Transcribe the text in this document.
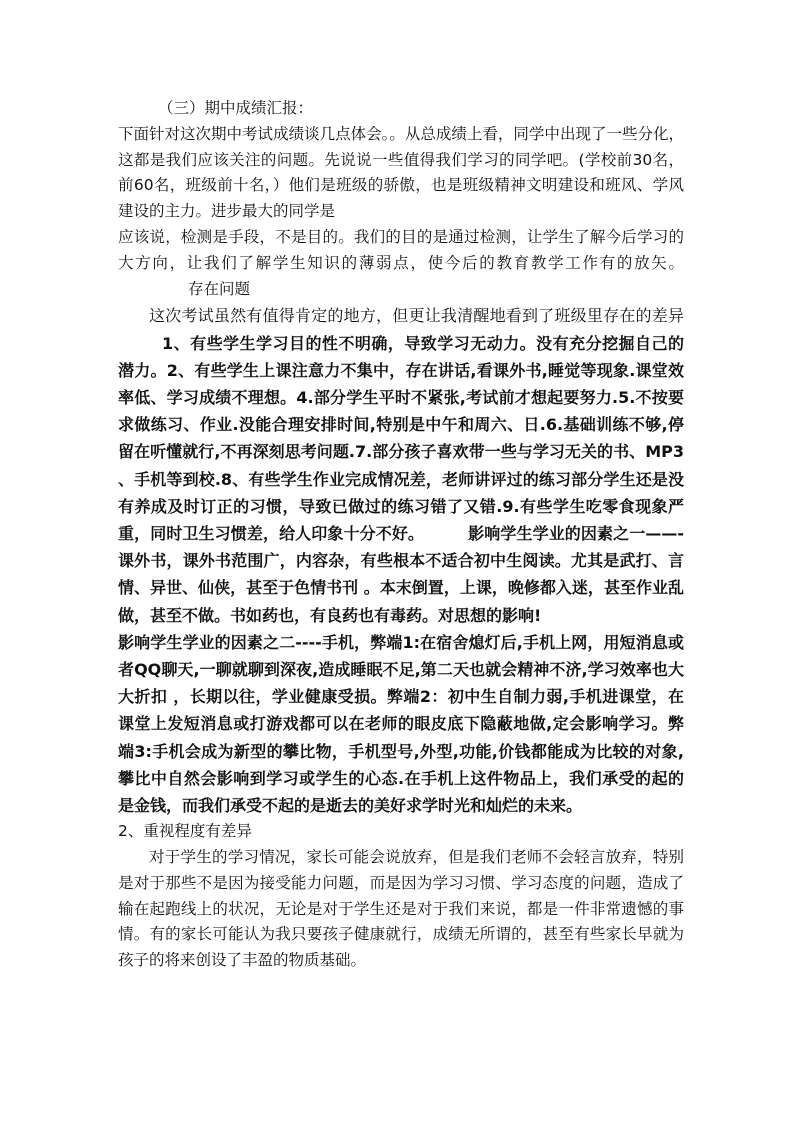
（三）期中成绩汇报：

下面针对这次期中考试成绩谈几点体会。。从总成绩上看，同学中出现了一些分化，这都是我们应该关注的问题。先说说一些值得我们学习的同学吧。(学校前30名，前60名，班级前十名，）他们是班级的骄傲，也是班级精神文明建设和班风、学风建设的主力。进步最大的同学是

应该说，检测是手段，不是目的。我们的目的是通过检测，让学生了解今后学习的大方向，让我们了解学生知识的薄弱点，使今后的教育教学工作有的放矢。存在问题

这次考试虽然有值得肯定的地方，但更让我清醒地看到了班级里存在的差异1、有些学生学习目的性不明确，导致学习无动力。没有充分挖掘自己的潜力。2、有些学生上课注意力不集中，存在讲话,看课外书,睡觉等现象.课堂效率低、学习成绩不理想。4.部分学生平时不紧张,考试前才想起要努力.5.不按要求做练习、作业.没能合理安排时间,特别是中午和周六、日.6.基础训练不够,停留在听懂就行,不再深刻思考问题.7.部分孩子喜欢带一些与学习无关的书、MP3 、手机等到校.8、有些学生作业完成情况差，老师讲评过的练习部分学生还是没有养成及时订正的习惯，导致已做过的练习错了又错.9.有些学生吃零食现象严重，同时卫生习惯差，给人印象十分不好。	影响学生学业的因素之一——-课外书，课外书范围广，内容杂，有些根本不适合初中生阅读。尤其是武打、言情、异世、仙侠，甚至于色情书刊 。本末倒置，上课，晚修都入迷，甚至作业乱做，甚至不做。书如药也，有良药也有毒药。对思想的影响!

影响学生学业的因素之二----手机，弊端1:在宿舍熄灯后,手机上网，用短消息或者QQ聊天,一聊就聊到深夜,造成睡眠不足,第二天也就会精神不济,学习效率也大大折扣 ，长期以往，学业健康受损。弊端2：初中生自制力弱,手机进课堂，在课堂上发短消息或打游戏都可以在老师的眼皮底下隐蔽地做,定会影响学习。弊端3:手机会成为新型的攀比物，手机型号,外型,功能,价钱都能成为比较的对象,攀比中自然会影响到学习或学生的心态.在手机上这件物品上，我们承受的起的是金钱，而我们承受不起的是逝去的美好求学时光和灿烂的未来。

2、重视程度有差异

对于学生的学习情况，家长可能会说放弃，但是我们老师不会轻言放弃，特别是对于那些不是因为接受能力问题，而是因为学习习惯、学习态度的问题，造成了输在起跑线上的状况，无论是对于学生还是对于我们来说，都是一件非常遗憾的事情。有的家长可能认为我只要孩子健康就行，成绩无所谓的，甚至有些家长早就为孩子的将来创设了丰盈的物质基础。
